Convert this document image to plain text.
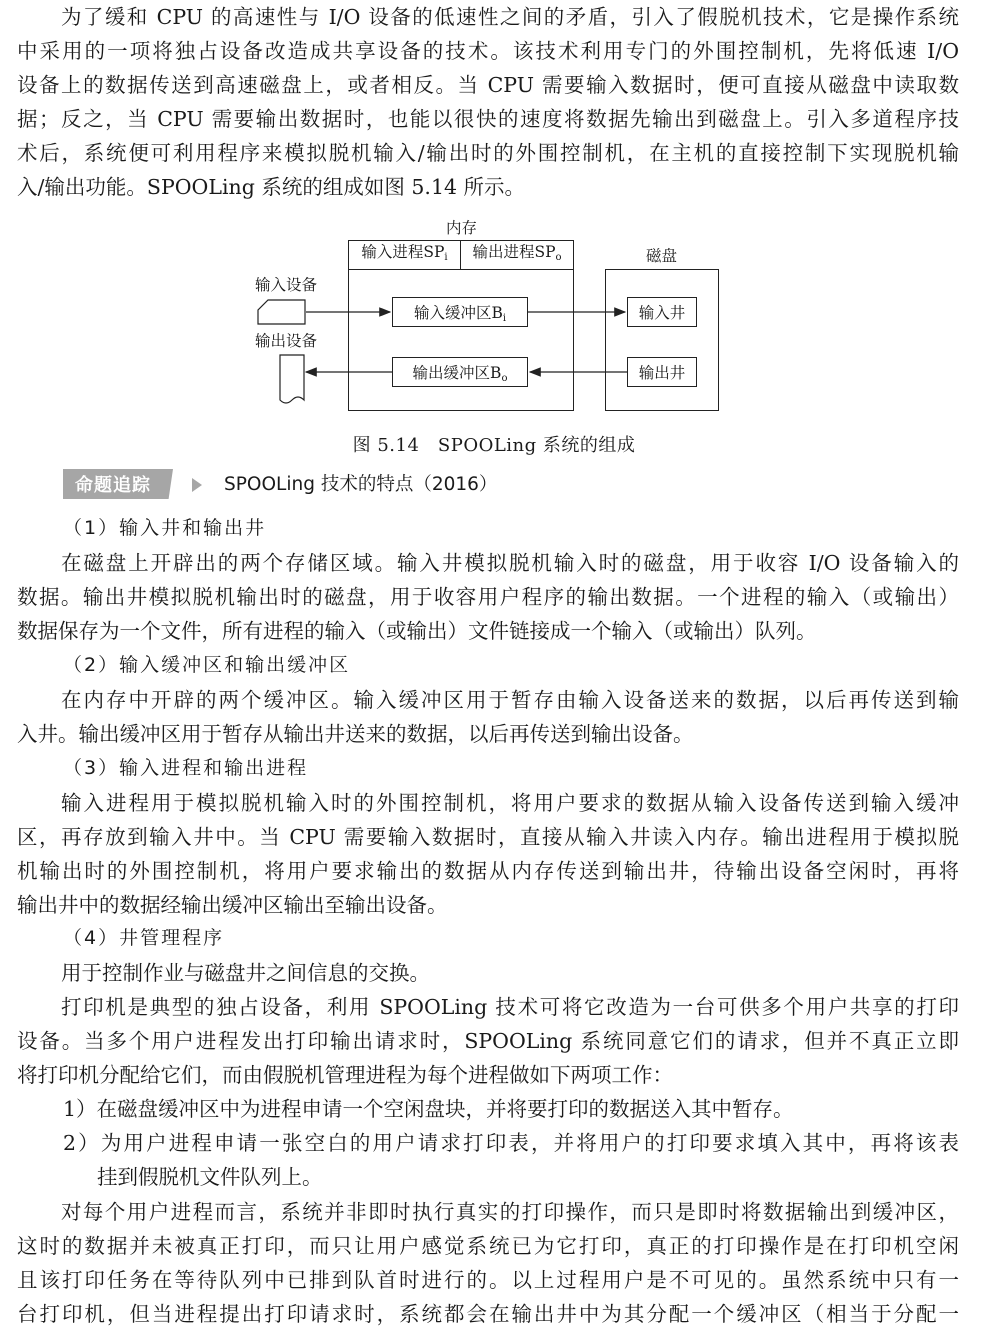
为了缓和 CPU 的高速性与 I/O 设备的低速性之间的矛盾，引入了假脱机技术，它是操作系统
中采用的一项将独占设备改造成共享设备的技术。该技术利用专门的外围控制机，先将低速 I/O
设备上的数据传送到高速磁盘上，或者相反。当 CPU 需要输入数据时，便可直接从磁盘中读取数
据；反之，当 CPU 需要输出数据时，也能以很快的速度将数据先输出到磁盘上。引入多道程序技
术后，系统便可利用程序来模拟脱机输入/输出时的外围控制机，在主机的直接控制下实现脱机输
入/输出功能。SPOOLing 系统的组成如图 5.14 所示。
内存
输入进程$SP_i$ 输出进程$SP_o$
输入缓冲区$B_i$
输出缓冲区$B_o$
磁盘
输入井
输出井
输入设备
输出设备
图 5.14　SPOOLing 系统的组成
命题追踪	SPOOLing 技术的特点（2016）
（1）输入井和输出井
在磁盘上开辟出的两个存储区域。输入井模拟脱机输入时的磁盘，用于收容 I/O 设备输入的
数据。输出井模拟脱机输出时的磁盘，用于收容用户程序的输出数据。一个进程的输入（或输出）
数据保存为一个文件，所有进程的输入（或输出）文件链接成一个输入（或输出）队列。
（2）输入缓冲区和输出缓冲区
在内存中开辟的两个缓冲区。输入缓冲区用于暂存由输入设备送来的数据，以后再传送到输
入井。输出缓冲区用于暂存从输出井送来的数据，以后再传送到输出设备。
（3）输入进程和输出进程
输入进程用于模拟脱机输入时的外围控制机，将用户要求的数据从输入设备传送到输入缓冲
区，再存放到输入井中。当 CPU 需要输入数据时，直接从输入井读入内存。输出进程用于模拟脱
机输出时的外围控制机，将用户要求输出的数据从内存传送到输出井，待输出设备空闲时，再将
输出井中的数据经输出缓冲区输出至输出设备。
（4）井管理程序
用于控制作业与磁盘井之间信息的交换。
打印机是典型的独占设备，利用 SPOOLing 技术可将它改造为一台可供多个用户共享的打印
设备。当多个用户进程发出打印输出请求时，SPOOLing 系统同意它们的请求，但并不真正立即
将打印机分配给它们，而由假脱机管理进程为每个进程做如下两项工作：
1）在磁盘缓冲区中为进程申请一个空闲盘块，并将要打印的数据送入其中暂存。
2）为用户进程申请一张空白的用户请求打印表，并将用户的打印要求填入其中，再将该表
挂到假脱机文件队列上。
对每个用户进程而言，系统并非即时执行真实的打印操作，而只是即时将数据输出到缓冲区，
这时的数据并未被真正打印，而只让用户感觉系统已为它打印，真正的打印操作是在打印机空闲
且该打印任务在等待队列中已排到队首时进行的。以上过程用户是不可见的。虽然系统中只有一
台打印机，但当进程提出打印请求时，系统都会在输出井中为其分配一个缓冲区（相当于分配一
